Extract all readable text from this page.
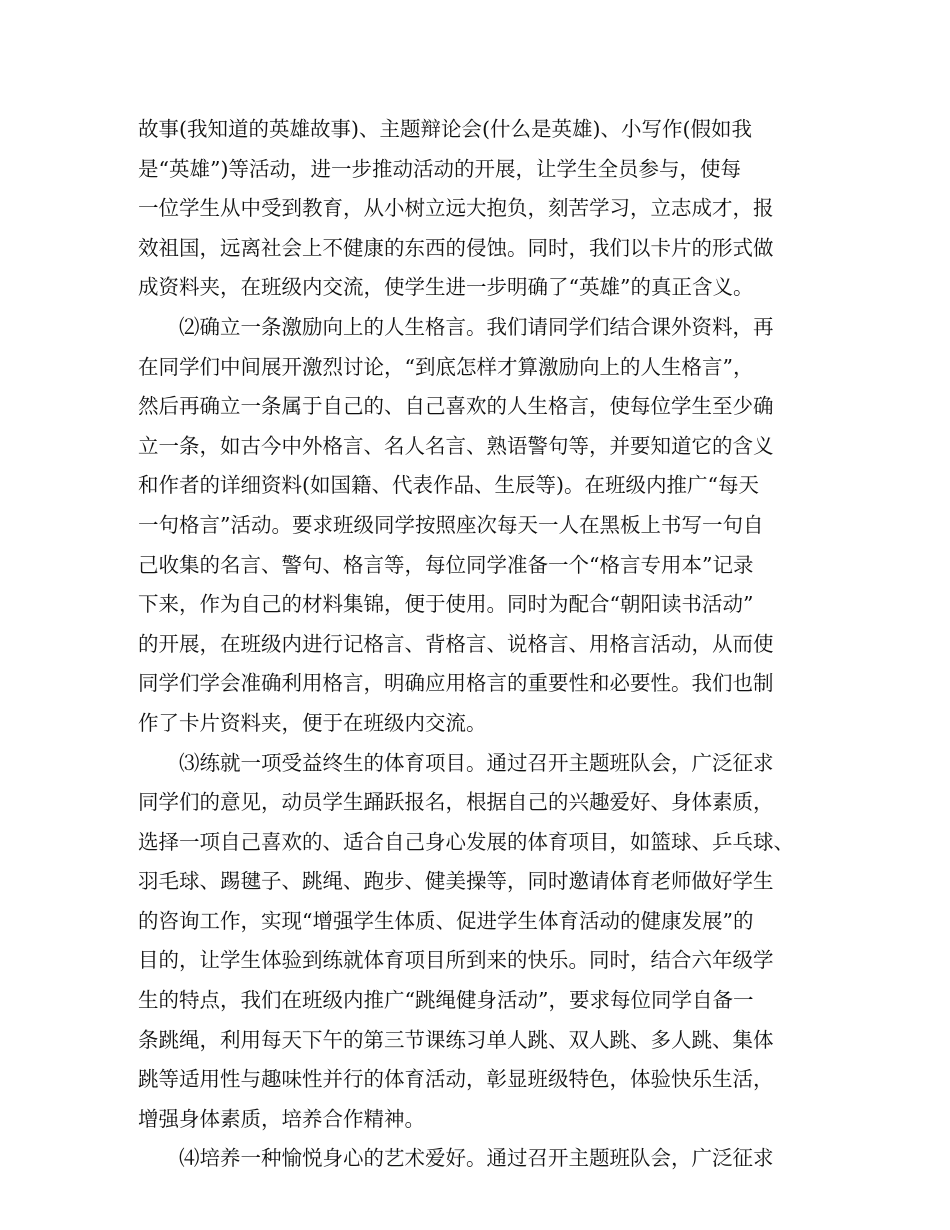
故事(我知道的英雄故事)、主题辩论会(什么是英雄)、小写作(假如我
是“英雄”)等活动，进一步推动活动的开展，让学生全员参与，使每
一位学生从中受到教育，从小树立远大抱负，刻苦学习，立志成才，报
效祖国，远离社会上不健康的东西的侵蚀。同时，我们以卡片的形式做
成资料夹，在班级内交流，使学生进一步明确了“英雄”的真正含义。
⑵确立一条激励向上的人生格言。我们请同学们结合课外资料，再
在同学们中间展开激烈讨论，“到底怎样才算激励向上的人生格言”，
然后再确立一条属于自己的、自己喜欢的人生格言，使每位学生至少确
立一条，如古今中外格言、名人名言、熟语警句等，并要知道它的含义
和作者的详细资料(如国籍、代表作品、生辰等)。在班级内推广“每天
一句格言”活动。要求班级同学按照座次每天一人在黑板上书写一句自
己收集的名言、警句、格言等，每位同学准备一个“格言专用本”记录
下来，作为自己的材料集锦，便于使用。同时为配合“朝阳读书活动”
的开展，在班级内进行记格言、背格言、说格言、用格言活动，从而使
同学们学会准确利用格言，明确应用格言的重要性和必要性。我们也制
作了卡片资料夹，便于在班级内交流。
⑶练就一项受益终生的体育项目。通过召开主题班队会，广泛征求
同学们的意见，动员学生踊跃报名，根据自己的兴趣爱好、身体素质，
选择一项自己喜欢的、适合自己身心发展的体育项目，如篮球、乒乓球、
羽毛球、踢毽子、跳绳、跑步、健美操等，同时邀请体育老师做好学生
的咨询工作，实现“增强学生体质、促进学生体育活动的健康发展”的
目的，让学生体验到练就体育项目所到来的快乐。同时，结合六年级学
生的特点，我们在班级内推广“跳绳健身活动”，要求每位同学自备一
条跳绳，利用每天下午的第三节课练习单人跳、双人跳、多人跳、集体
跳等适用性与趣味性并行的体育活动，彰显班级特色，体验快乐生活，
增强身体素质，培养合作精神。
⑷培养一种愉悦身心的艺术爱好。通过召开主题班队会，广泛征求
